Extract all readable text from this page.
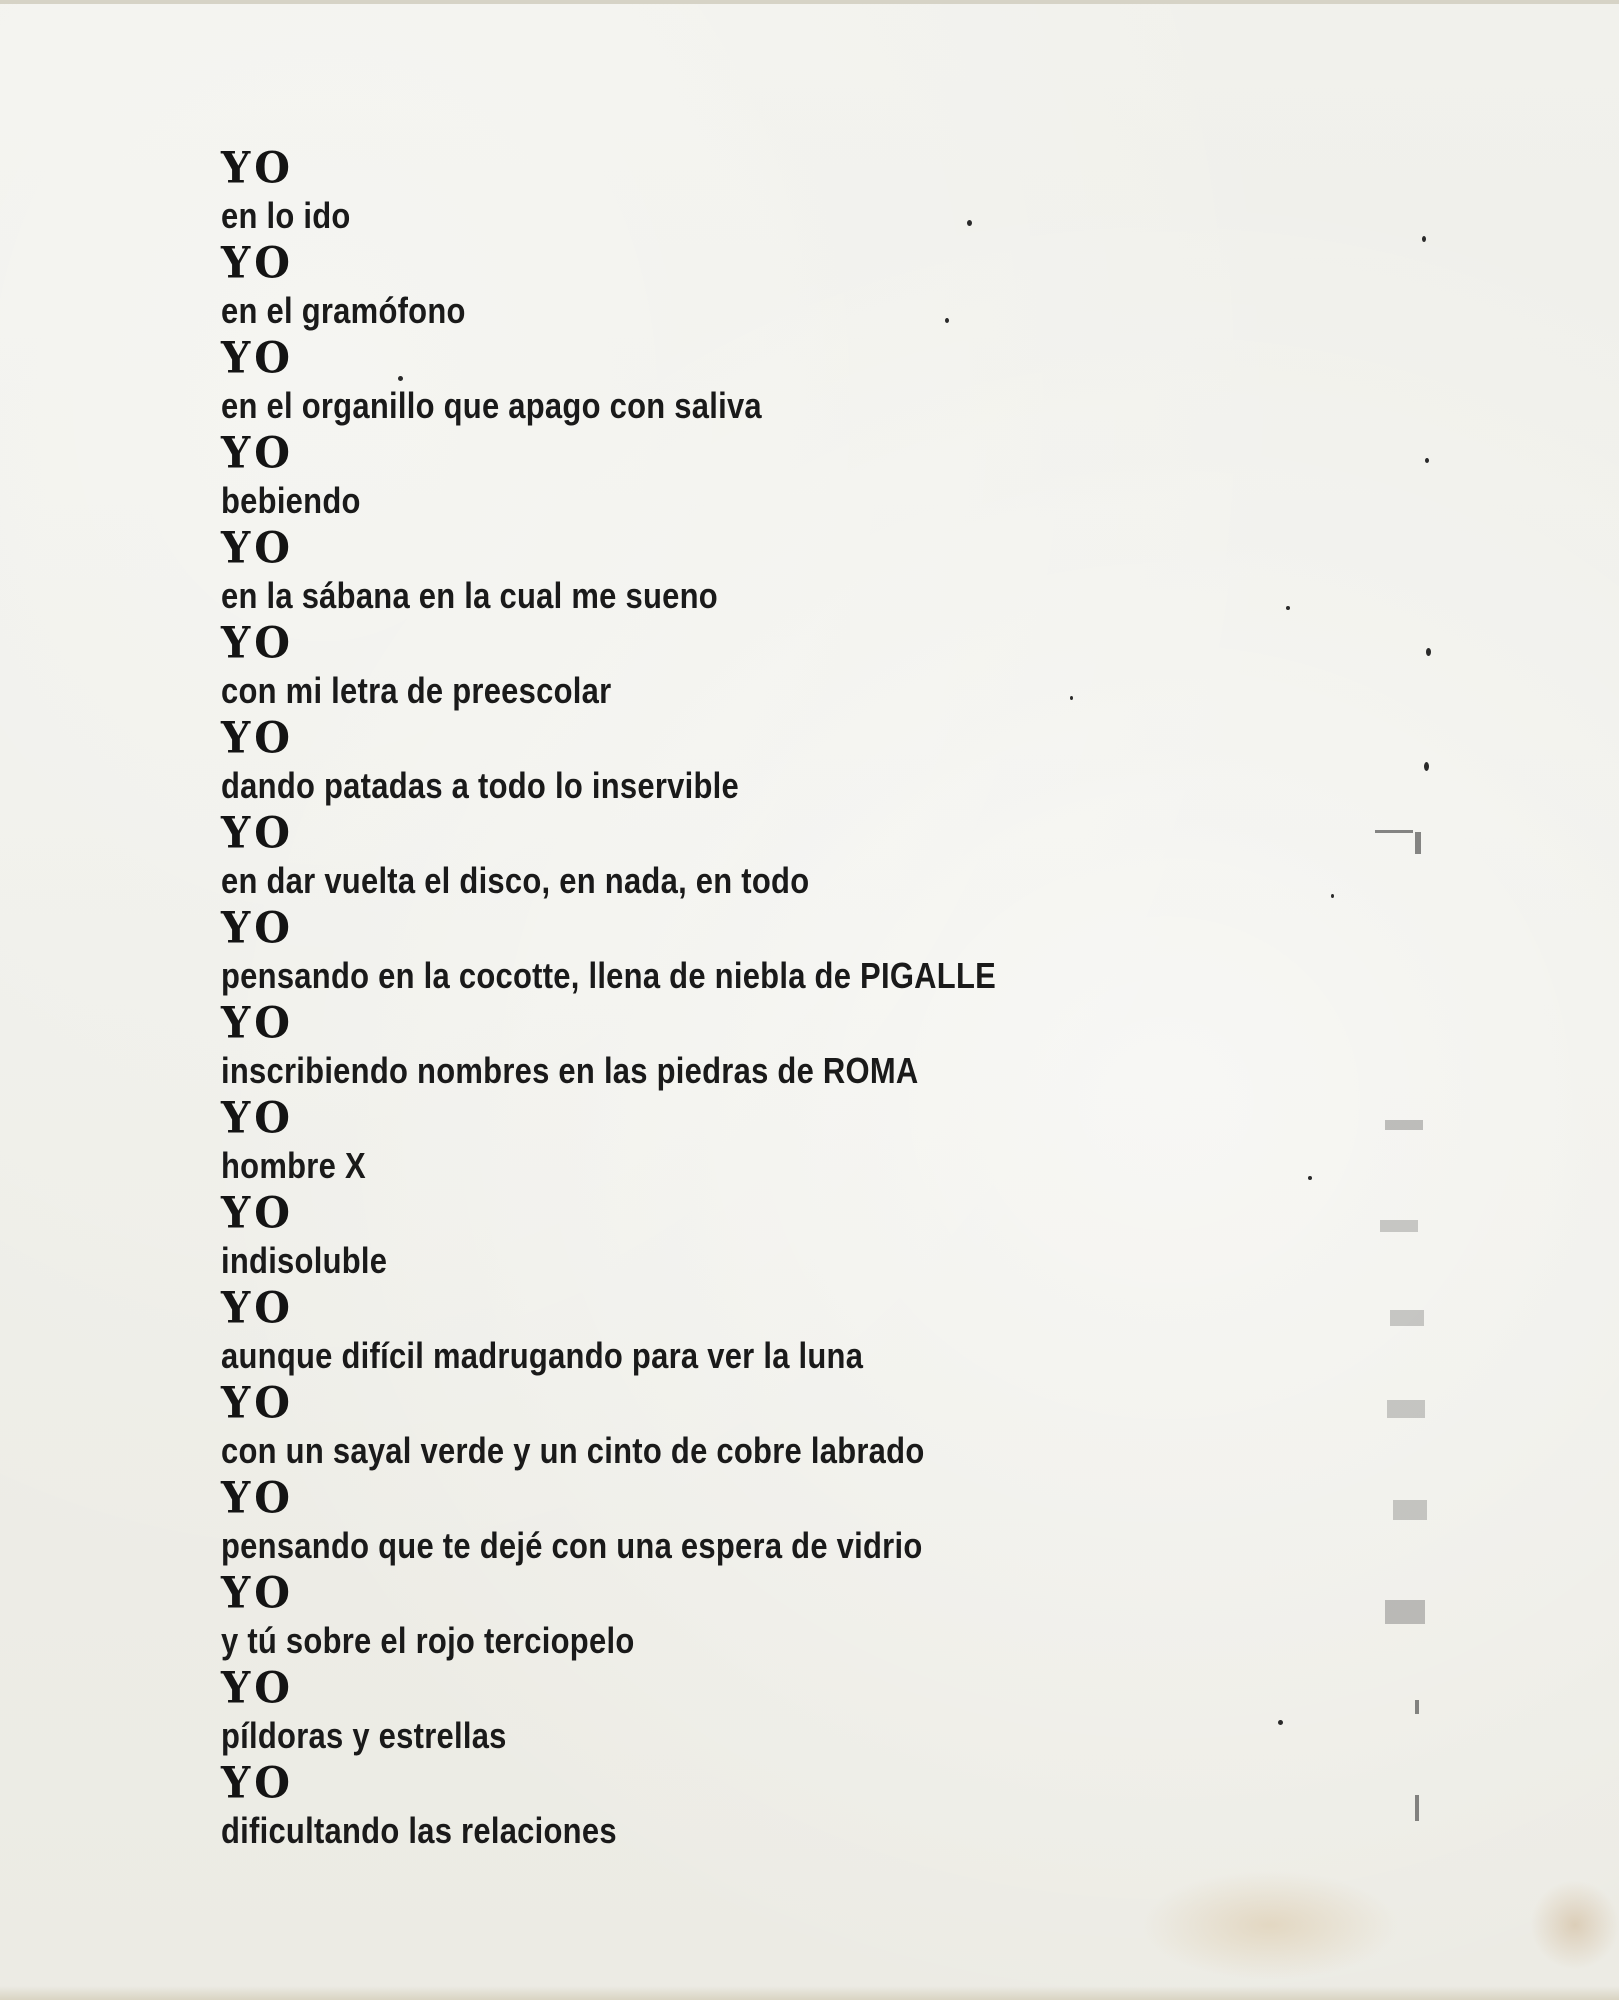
YO
en lo ido
YO
en el gramófono
YO
en el organillo que apago con saliva
YO
bebiendo
YO
en la sábana en la cual me sueno
YO
con mi letra de preescolar
YO
dando patadas a todo lo inservible
YO
en dar vuelta el disco, en nada, en todo
YO
pensando en la cocotte, llena de niebla de PIGALLE
YO
inscribiendo nombres en las piedras de ROMA
YO
hombre X
YO
indisoluble
YO
aunque difícil madrugando para ver la luna
YO
con un sayal verde y un cinto de cobre labrado
YO
pensando que te dejé con una espera de vidrio
YO
y tú sobre el rojo terciopelo
YO
píldoras y estrellas
YO
dificultando las relaciones
